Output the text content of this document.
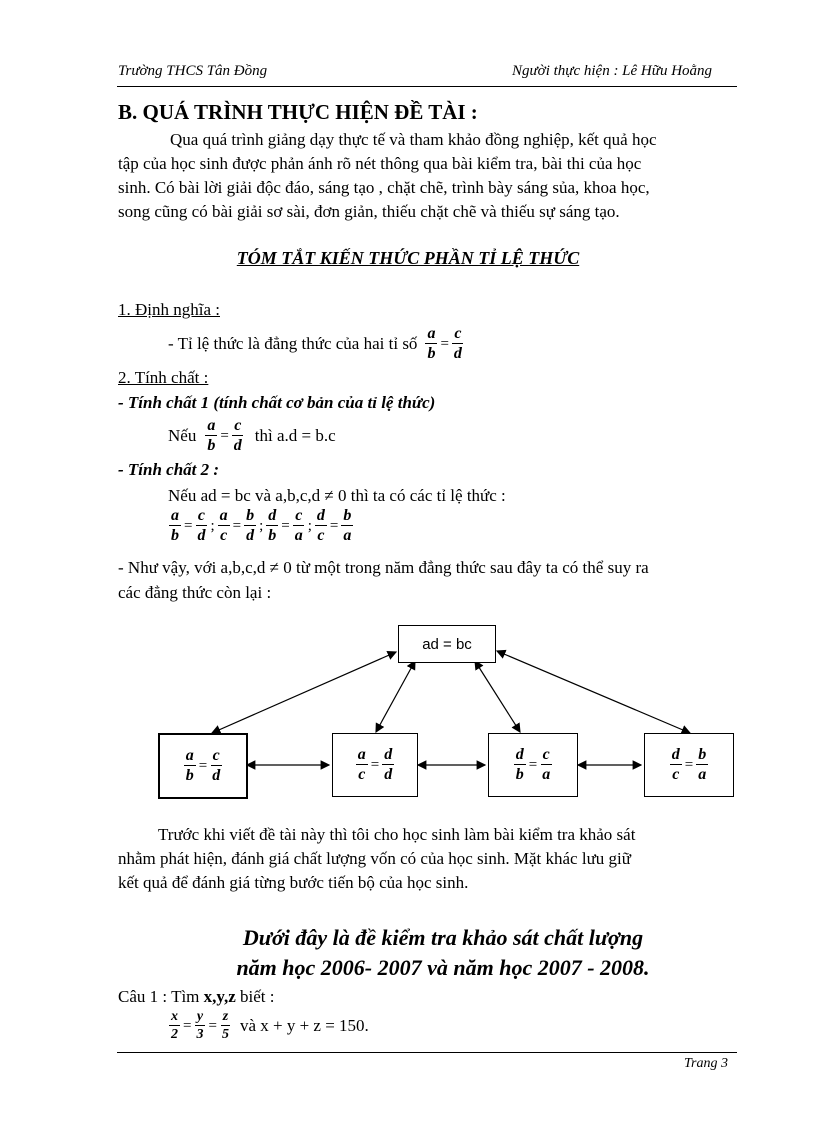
Trường THCS Tân Đồng	Người thực hiện : Lê Hữu Hoằng
B. QUÁ TRÌNH THỰC HIỆN ĐỀ TÀI :
Qua quá trình giảng dạy thực tế và tham khảo đồng nghiệp, kết quả học
tập của học sinh được phản ánh rõ nét thông qua bài kiểm tra, bài thi của học
sinh. Có bài lời giải độc đáo, sáng tạo , chặt chẽ, trình bày sáng sủa, khoa học,
song cũng có bài giải sơ sài, đơn giản, thiếu chặt chẽ và thiếu sự sáng tạo.
TÓM TẮT KIẾN THỨC PHẦN TỈ LỆ THỨC
1. Định nghĩa :
- Tỉ lệ thức là đẳng thức của hai tỉ số $\frac{a}{b} = \frac{c}{d}$
2. Tính chất :
- Tính chất 1 (tính chất cơ bản của tỉ lệ thức)
Nếu $\frac{a}{b} = \frac{c}{d}$ thì a.d = b.c
- Tính chất 2 :
Nếu ad = bc và a,b,c,d ≠ 0 thì ta có các tỉ lệ thức :
$\frac{a}{b} = \frac{c}{d}$ ; $\frac{a}{c} = \frac{b}{d}$ ; $\frac{d}{b} = \frac{c}{a}$ ; $\frac{d}{c} = \frac{b}{a}$
- Như vậy, với a,b,c,d ≠ 0 từ một trong năm đẳng thức sau đây ta có thể suy ra
các đẳng thức còn lại :
ad = bc
$\frac{a}{b} = \frac{c}{d}$	$\frac{a}{c} = \frac{d}{d}$	$\frac{d}{b} = \frac{c}{a}$	$\frac{d}{c} = \frac{b}{a}$
Trước khi viết đề tài này thì tôi cho học sinh làm bài kiểm tra khảo sát
nhằm phát hiện, đánh giá chất lượng vốn có của học sinh. Mặt khác lưu giữ
kết quả để đánh giá từng bước tiến bộ của học sinh.
Dưới đây là đề kiểm tra khảo sát chất lượng
năm học 2006- 2007 và năm học 2007 - 2008.
Câu 1 : Tìm x,y,z biết :
$\frac{x}{2} = \frac{y}{3} = \frac{z}{5}$ và x + y + z = 150.
Trang 3
